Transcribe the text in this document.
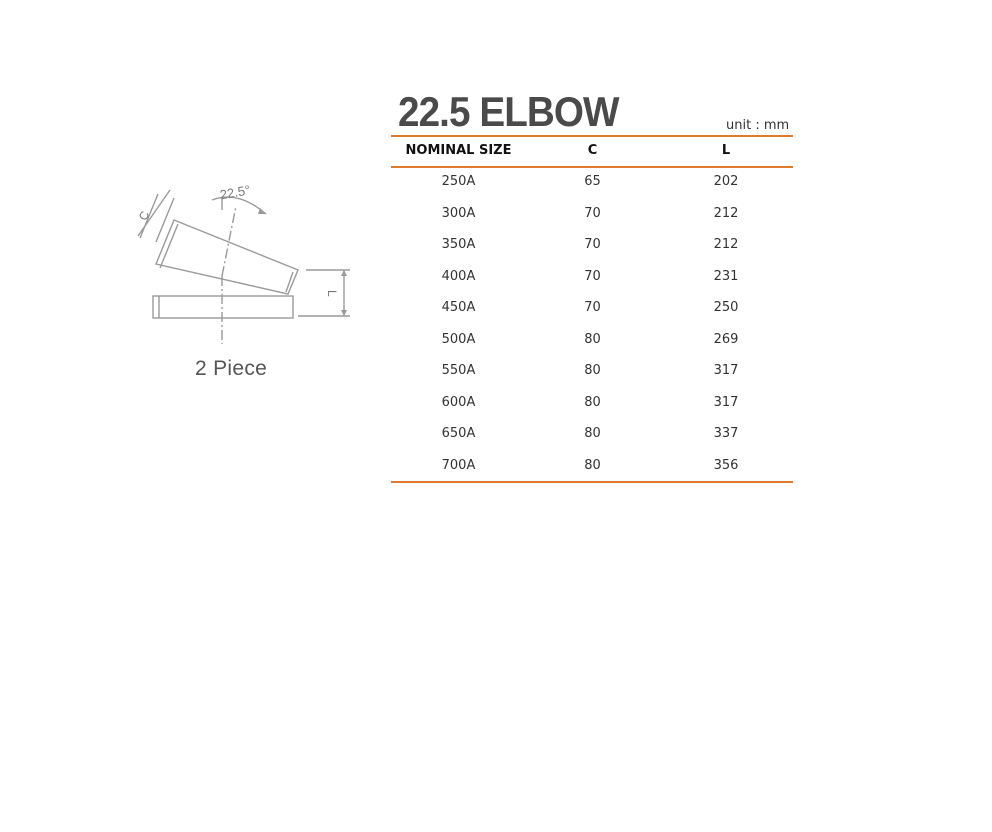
22.5°
C
L
2 Piece
22.5 ELBOW	unit : mm
NOMINAL SIZE	C	L
250A	65	202
300A	70	212
350A	70	212
400A	70	231
450A	70	250
500A	80	269
550A	80	317
600A	80	317
650A	80	337
700A	80	356
